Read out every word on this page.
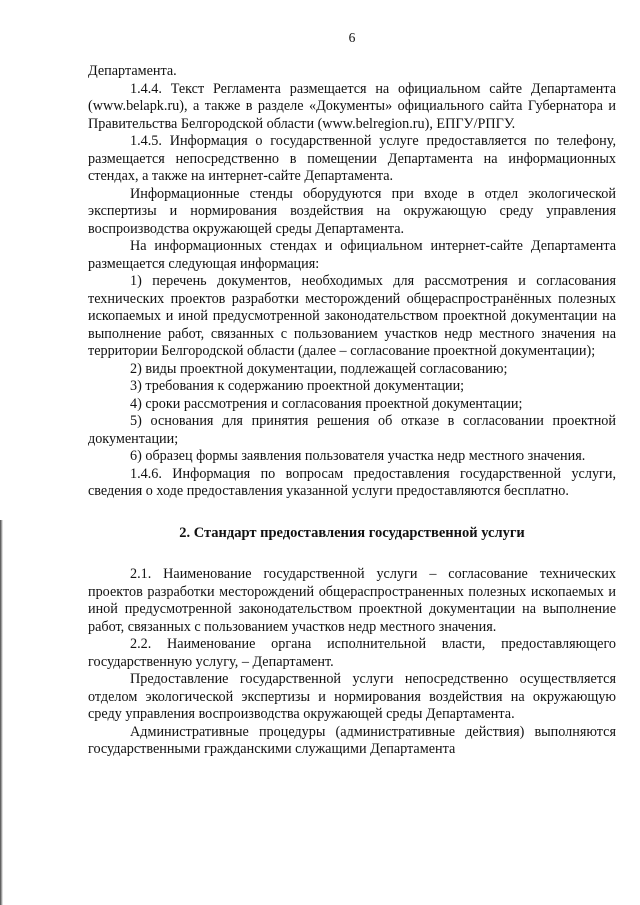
6

Департамента.

1.4.4. Текст Регламента размещается на официальном сайте Департамента (www.belapk.ru), а также в разделе «Документы» официального сайта Губернатора и Правительства Белгородской области (www.belregion.ru), ЕПГУ/РПГУ.

1.4.5. Информация о государственной услуге предоставляется по телефону, размещается непосредственно в помещении Департамента на информационных стендах, а также на интернет-сайте Департамента.

Информационные стенды оборудуются при входе в отдел экологической экспертизы и нормирования воздействия на окружающую среду управления воспроизводства окружающей среды Департамента.

На информационных стендах и официальном интернет-сайте Департамента размещается следующая информация:

1) перечень документов, необходимых для рассмотрения и согласования технических проектов разработки месторождений общераспространённых полезных ископаемых и иной предусмотренной законодательством проектной документации на выполнение работ, связанных с пользованием участков недр местного значения на территории Белгородской области (далее – согласование проектной документации);

2) виды проектной документации, подлежащей согласованию;

3) требования к содержанию проектной документации;

4) сроки рассмотрения и согласования проектной документации;

5) основания для принятия решения об отказе в согласовании проектной документации;

6) образец формы заявления пользователя участка недр местного значения.

1.4.6. Информация по вопросам предоставления государственной услуги, сведения о ходе предоставления указанной услуги предоставляются бесплатно.

2. Стандарт предоставления государственной услуги

2.1. Наименование государственной услуги – согласование технических проектов разработки месторождений общераспространенных полезных ископаемых и иной предусмотренной законодательством проектной документации на выполнение работ, связанных с пользованием участков недр местного значения.

2.2. Наименование органа исполнительной власти, предоставляющего государственную услугу, – Департамент.

Предоставление государственной услуги непосредственно осуществляется отделом экологической экспертизы и нормирования воздействия на окружающую среду управления воспроизводства окружающей среды Департамента.

Административные процедуры (административные действия) выполняются государственными гражданскими служащими Департамента
